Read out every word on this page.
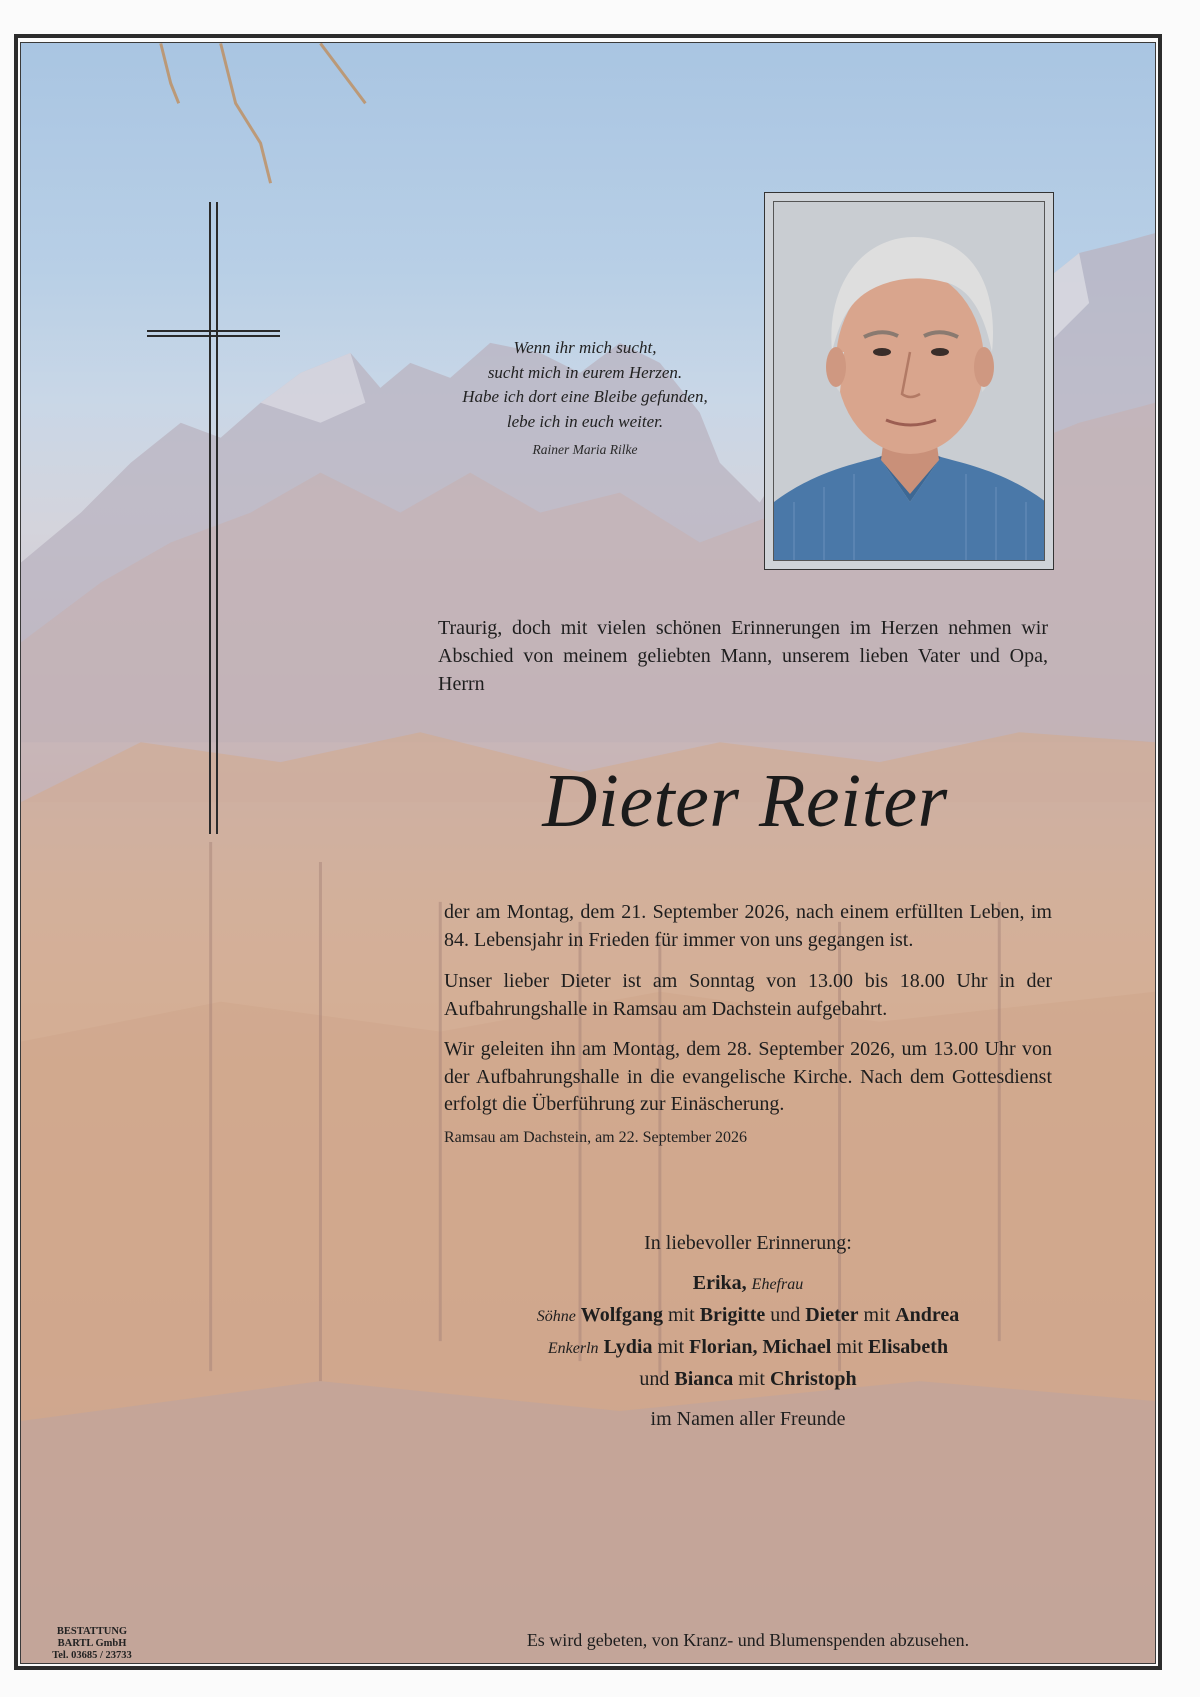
Wenn ihr mich sucht,
sucht mich in eurem Herzen.
Habe ich dort eine Bleibe gefunden,
lebe ich in euch weiter.
Rainer Maria Rilke
Traurig, doch mit vielen schönen Erinnerungen im Herzen nehmen wir Abschied von meinem geliebten Mann, unserem lieben Vater und Opa, Herrn
Dieter Reiter
der am Montag, dem 21. September 2026, nach einem erfüllten Leben, im 84. Lebensjahr in Frieden für immer von uns gegangen ist.
Unser lieber Dieter ist am Sonntag von 13.00 bis 18.00 Uhr in der Aufbahrungshalle in Ramsau am Dachstein aufgebahrt.
Wir geleiten ihn am Montag, dem 28. September 2026, um 13.00 Uhr von der Aufbahrungshalle in die evangelische Kirche. Nach dem Gottesdienst erfolgt die Überführung zur Einäscherung.
Ramsau am Dachstein, am 22. September 2026
In liebevoller Erinnerung:
Erika, Ehefrau
Söhne Wolfgang mit Brigitte und Dieter mit Andrea
Enkerln Lydia mit Florian, Michael mit Elisabeth
und Bianca mit Christoph
im Namen aller Freunde
Es wird gebeten, von Kranz- und Blumenspenden abzusehen.
BESTATTUNG
BARTL GmbH
Tel. 03685 / 23733
